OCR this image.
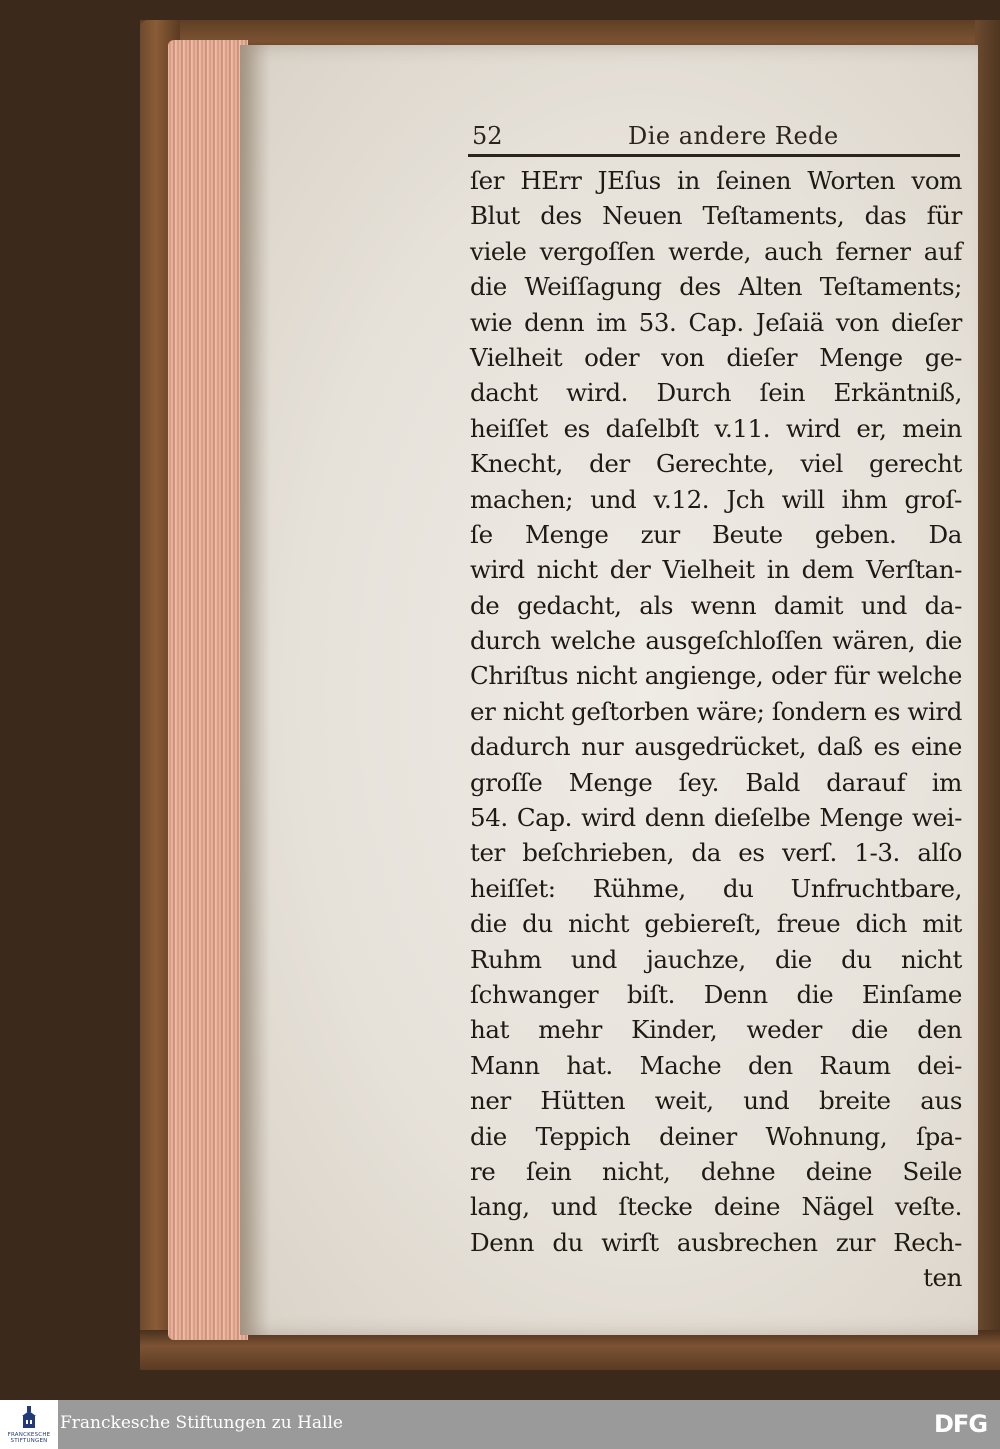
52	Die andere Rede
ſer HErr JEſus in ſeinen Worten vom
Blut des Neuen Teſtaments, das für
viele vergoſſen werde, auch ferner auf
die Weiſſagung des Alten Teſtaments;
wie denn im 53. Cap. Jeſaiä von dieſer
Vielheit oder von dieſer Menge ge-
dacht wird. Durch ſein Erkäntniß,
heiſſet es daſelbſt v.11. wird er, mein
Knecht, der Gerechte, viel gerecht
machen; und v.12. Jch will ihm groſ-
ſe Menge zur Beute geben. Da
wird nicht der Vielheit in dem Verſtan-
de gedacht, als wenn damit und da-
durch welche ausgeſchloſſen wären, die
Chriſtus nicht angienge, oder für welche
er nicht geſtorben wäre; ſondern es wird
dadurch nur ausgedrücket, daß es eine
groſſe Menge ſey. Bald darauf im
54. Cap. wird denn dieſelbe Menge wei-
ter beſchrieben, da es verſ. 1-3. alſo
heiſſet: Rühme, du Unfruchtbare,
die du nicht gebiereſt, freue dich mit
Ruhm und jauchze, die du nicht
ſchwanger biſt. Denn die Einſame
hat mehr Kinder, weder die den
Mann hat. Mache den Raum dei-
ner Hütten weit, und breite aus
die Teppich deiner Wohnung, ſpa-
re ſein nicht, dehne deine Seile
lang, und ſtecke deine Nägel veſte.
Denn du wirſt ausbrechen zur Rech-
ten
FRANCKESCHE STIFTUNGEN
Franckesche Stiftungen zu Halle	DFG
